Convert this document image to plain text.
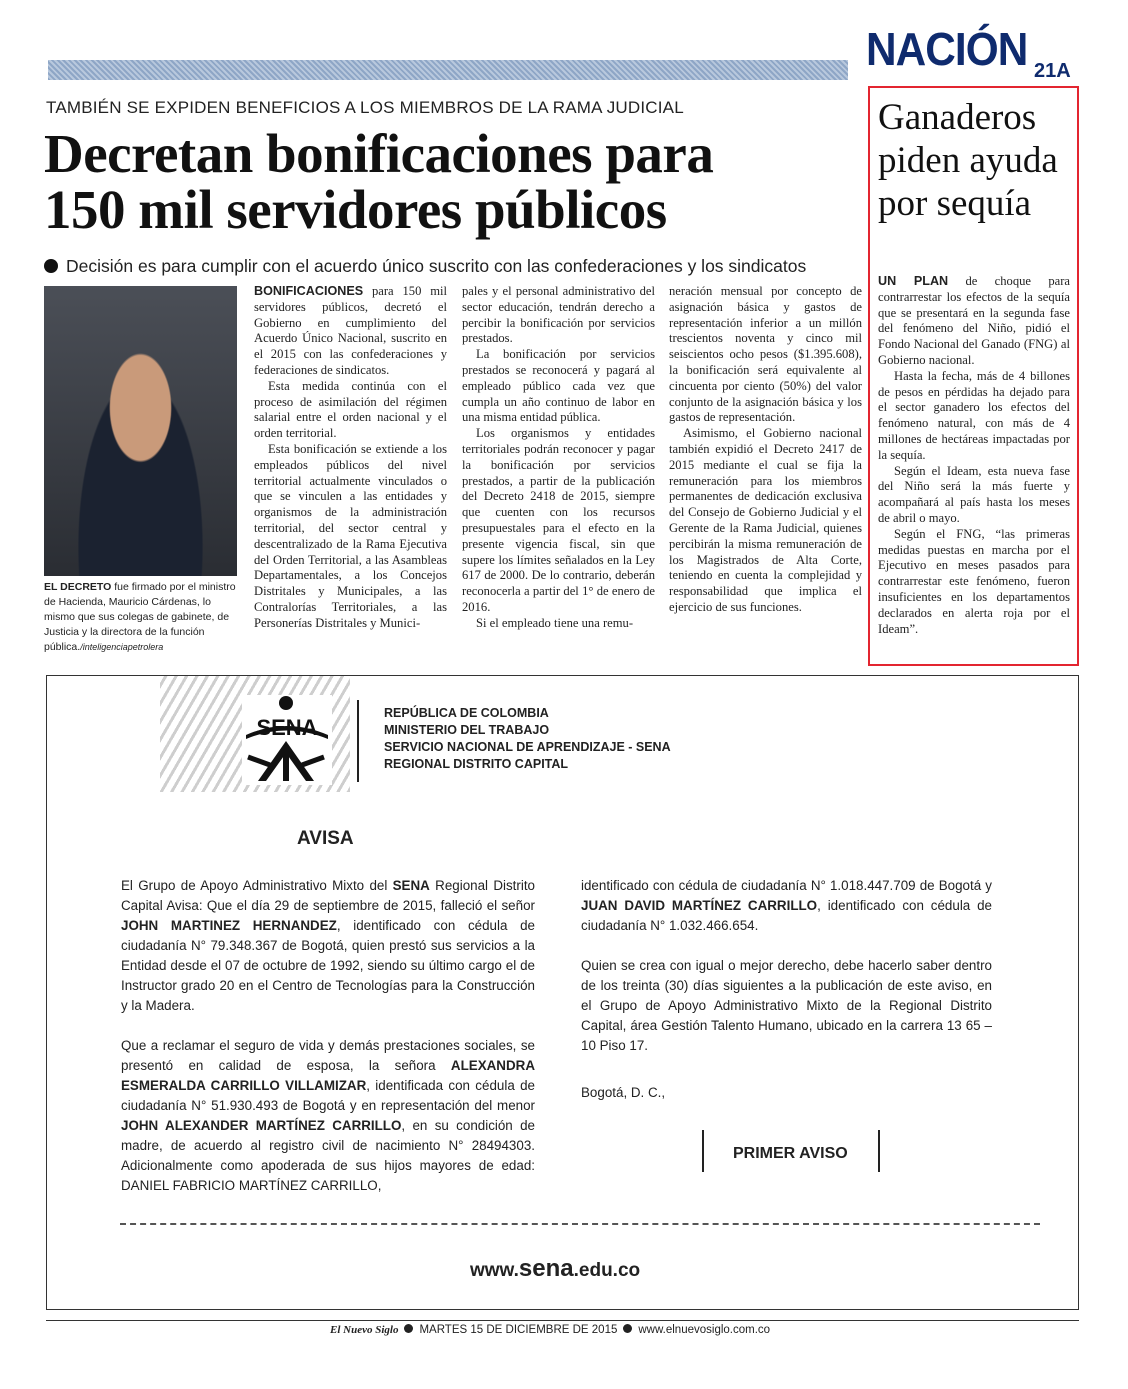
NACIÓN 21A
TAMBIÉN SE EXPIDEN BENEFICIOS A LOS MIEMBROS DE LA RAMA JUDICIAL
Decretan bonificaciones para
150 mil servidores públicos
Decisión es para cumplir con el acuerdo único suscrito con las confederaciones y los sindicatos
EL DECRETO fue firmado por el ministro de Hacienda, Mauricio Cárdenas, lo mismo que sus colegas de gabinete, de Justicia y la directora de la función pública./inteligenciapetrolera

BONIFICACIONES para 150 mil servidores públicos, decretó el Gobierno en cumplimiento del Acuerdo Único Nacional, suscrito en el 2015 con las confederaciones y federaciones de sindicatos.

Esta medida continúa con el proceso de asimilación del régimen salarial entre el orden nacional y el orden territorial.

Esta bonificación se extiende a los empleados públicos del nivel territorial actualmente vinculados o que se vinculen a las entidades y organismos de la administración territorial, del sector central y descentralizado de la Rama Ejecutiva del Orden Territorial, a las Asambleas Departamentales, a los Concejos Distritales y Municipales, a las Contralorías Territoriales, a las Personerías Distritales y Munici-

pales y el personal administrativo del sector educación, tendrán derecho a percibir la bonificación por servicios prestados.

La bonificación por servicios prestados se reconocerá y pagará al empleado público cada vez que cumpla un año continuo de labor en una misma entidad pública.

Los organismos y entidades territoriales podrán reconocer y pagar la bonificación por servicios prestados, a partir de la publicación del Decreto 2418 de 2015, siempre que cuenten con los recursos presupuestales para el efecto en la presente vigencia fiscal, sin que supere los límites señalados en la Ley 617 de 2000. De lo contrario, deberán reconocerla a partir del 1° de enero de 2016.

Si el empleado tiene una remu-

neración mensual por concepto de asignación básica y gastos de representación inferior a un millón trescientos noventa y cinco mil seiscientos ocho pesos ($1.395.608), la bonificación será equivalente al cincuenta por ciento (50%) del valor conjunto de la asignación básica y los gastos de representación.

Asimismo, el Gobierno nacional también expidió el Decreto 2417 de 2015 mediante el cual se fija la remuneración para los miembros permanentes de dedicación exclusiva del Consejo de Gobierno Judicial y el Gerente de la Rama Judicial, quienes percibirán la misma remuneración de los Magistrados de Alta Corte, teniendo en cuenta la complejidad y responsabilidad que implica el ejercicio de sus funciones.

Ganaderos piden ayuda por sequía

UN PLAN de choque para contrarrestar los efectos de la sequía que se presentará en la segunda fase del fenómeno del Niño, pidió el Fondo Nacional del Ganado (FNG) al Gobierno nacional.

Hasta la fecha, más de 4 billones de pesos en pérdidas ha dejado para el sector ganadero los efectos del fenómeno natural, con más de 4 millones de hectáreas impactadas por la sequía.

Según el Ideam, esta nueva fase del Niño será la más fuerte y acompañará al país hasta los meses de abril o mayo.

Según el FNG, “las primeras medidas puestas en marcha por el Ejecutivo en meses pasados para contrarrestar este fenómeno, fueron insuficientes en los departamentos declarados en alerta roja por el Ideam”.

SENA
REPÚBLICA DE COLOMBIA
MINISTERIO DEL TRABAJO
SERVICIO NACIONAL DE APRENDIZAJE - SENA
REGIONAL DISTRITO CAPITAL
AVISA

El Grupo de Apoyo Administrativo Mixto del SENA Regional Distrito Capital Avisa: Que el día 29 de septiembre de 2015, falleció el señor JOHN MARTINEZ HERNANDEZ, identificado con cédula de ciudadanía N° 79.348.367 de Bogotá, quien prestó sus servicios a la Entidad desde el 07 de octubre de 1992, siendo su último cargo el de Instructor grado 20 en el Centro de Tecnologías para la Construcción y la Madera.

Que a reclamar el seguro de vida y demás prestaciones sociales, se presentó en calidad de esposa, la señora ALEXANDRA ESMERALDA CARRILLO VILLAMIZAR, identificada con cédula de ciudadanía N° 51.930.493 de Bogotá y en representación del menor JOHN ALEXANDER MARTÍNEZ CARRILLO, en su condición de madre, de acuerdo al registro civil de nacimiento N° 28494303. Adicionalmente como apoderada de sus hijos mayores de edad: DANIEL FABRICIO MARTÍNEZ CARRILLO,

identificado con cédula de ciudadanía N° 1.018.447.709 de Bogotá y JUAN DAVID MARTÍNEZ CARRILLO, identificado con cédula de ciudadanía N° 1.032.466.654.

Quien se crea con igual o mejor derecho, debe hacerlo saber dentro de los treinta (30) días siguientes a la publicación de este aviso, en el Grupo de Apoyo Administrativo Mixto de la Regional Distrito Capital, área Gestión Talento Humano, ubicado en la carrera 13 65 – 10 Piso 17.

Bogotá, D. C.,
PRIMER AVISO
www.sena.edu.co
El Nuevo Siglo MARTES 15 DE DICIEMBRE DE 2015 www.elnuevosiglo.com.co
